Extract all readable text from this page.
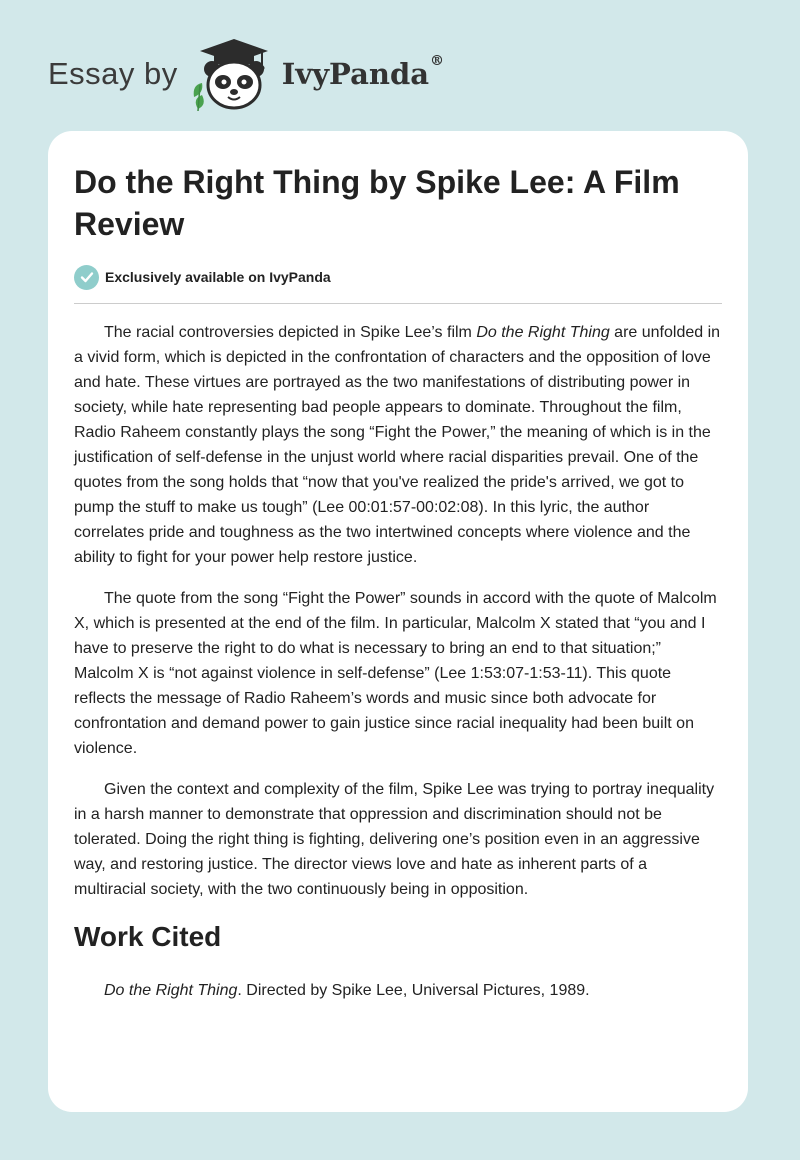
Essay by	IvyPanda®
Do the Right Thing by Spike Lee: A Film Review
Exclusively available on IvyPanda

The racial controversies depicted in Spike Lee’s film Do the Right Thing are unfolded in a vivid form, which is depicted in the confrontation of characters and the opposition of love and hate. These virtues are portrayed as the two manifestations of distributing power in society, while hate representing bad people appears to dominate. Throughout the film, Radio Raheem constantly plays the song “Fight the Power,” the meaning of which is in the justification of self-defense in the unjust world where racial disparities prevail. One of the quotes from the song holds that “now that you've realized the pride's arrived, we got to pump the stuff to make us tough” (Lee 00:01:57-00:02:08). In this lyric, the author correlates pride and toughness as the two intertwined concepts where violence and the ability to fight for your power help restore justice.

The quote from the song “Fight the Power” sounds in accord with the quote of Malcolm X, which is presented at the end of the film. In particular, Malcolm X stated that “you and I have to preserve the right to do what is necessary to bring an end to that situation;” Malcolm X is “not against violence in self-defense” (Lee 1:53:07-1:53-11). This quote reflects the message of Radio Raheem’s words and music since both advocate for confrontation and demand power to gain justice since racial inequality had been built on violence.

Given the context and complexity of the film, Spike Lee was trying to portray inequality in a harsh manner to demonstrate that oppression and discrimination should not be tolerated. Doing the right thing is fighting, delivering one’s position even in an aggressive way, and restoring justice. The director views love and hate as inherent parts of a multiracial society, with the two continuously being in opposition.

Work Cited

Do the Right Thing. Directed by Spike Lee, Universal Pictures, 1989.
